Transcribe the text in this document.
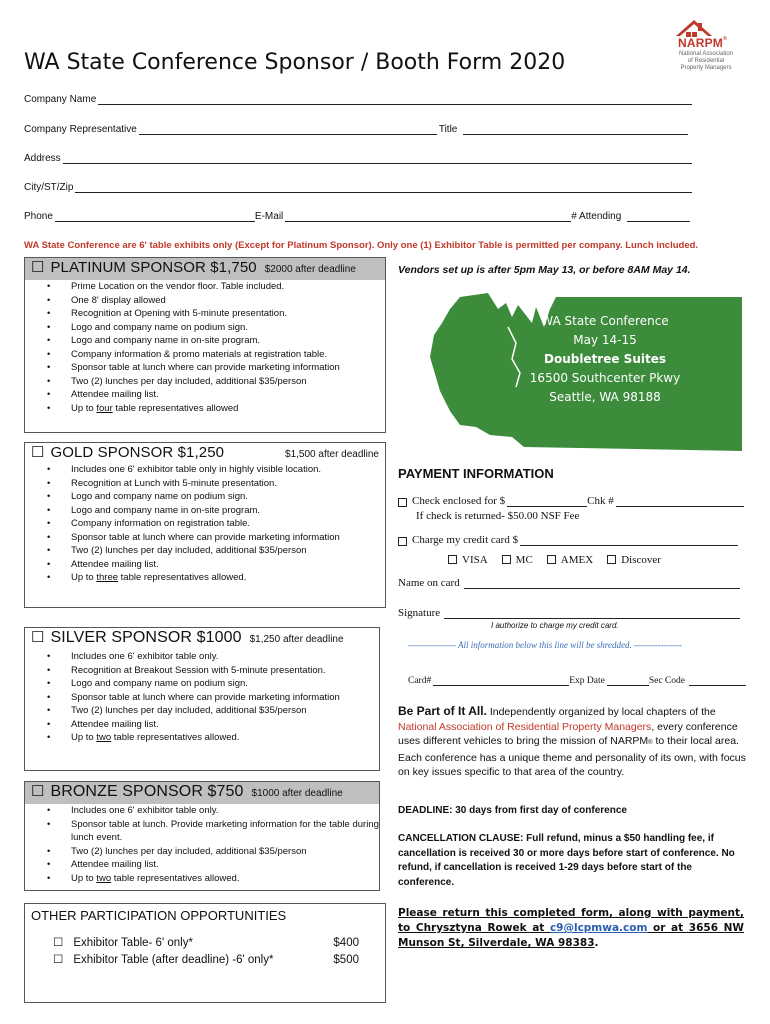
WA State Conference Sponsor / Booth Form 2020
NARPM®
National Association
of Residential
Property Managers
Company Name
Company Representative	Title
Address
City/ST/Zip
Phone	E-Mail	# Attending
WA State Conference are 6' table exhibits only (Except for Platinum Sponsor). Only one (1) Exhibitor Table is permitted per company. Lunch included.
☐ PLATINUM SPONSOR $1,750 $2000 after deadline
• Prime Location on the vendor floor. Table included.
• One 8' display allowed
• Recognition at Opening with 5-minute presentation.
• Logo and company name on podium sign.
• Logo and company name in on-site program.
• Company information & promo materials at registration table.
• Sponsor table at lunch where can provide marketing information
• Two (2) lunches per day included, additional $35/person
• Attendee mailing list.
• Up to four table representatives allowed
☐ GOLD SPONSOR $1,250	$1,500 after deadline
• Includes one 6' exhibitor table only in highly visible location.
• Recognition at Lunch with 5-minute presentation.
• Logo and company name on podium sign.
• Logo and company name in on-site program.
• Company information on registration table.
• Sponsor table at lunch where can provide marketing information
• Two (2) lunches per day included, additional $35/person
• Attendee mailing list.
• Up to three table representatives allowed.
☐ SILVER SPONSOR $1000 $1,250 after deadline
• Includes one 6' exhibitor table only.
• Recognition at Breakout Session with 5-minute presentation.
• Logo and company name on podium sign.
• Sponsor table at lunch where can provide marketing information
• Two (2) lunches per day included, additional $35/person
• Attendee mailing list.
• Up to two table representatives allowed.
☐ BRONZE SPONSOR $750 $1000 after deadline
• Includes one 6' exhibitor table only.
• Sponsor table at lunch. Provide marketing information for the table during lunch event.
• Two (2) lunches per day included, additional $35/person
• Attendee mailing list.
• Up to two table representatives allowed.
OTHER PARTICIPATION OPPORTUNITIES
☐ Exhibitor Table- 6' only*	$400
☐ Exhibitor Table (after deadline) -6' only*	$500
Vendors set up is after 5pm May 13, or before 8AM May 14.
WA State Conference
May 14-15
Doubletree Suites
16500 Southcenter Pkwy
Seattle, WA 98188
PAYMENT INFORMATION
Check enclosed for $	Chk #
If check is returned- $50.00 NSF Fee
Charge my credit card $
VISA	MC	AMEX	Discover
Name on card
Signature
I authorize to charge my credit card.
---------------- All information below this line will be shredded. ----------------
Card#	Exp Date	Sec Code
Be Part of It All. Independently organized by local chapters of the National Association of Residential Property Managers, every conference uses different vehicles to bring the mission of NARPM® to their local area. Each conference has a unique theme and personality of its own, with focus on key issues specific to that area of the country.
DEADLINE: 30 days from first day of conference
CANCELLATION CLAUSE: Full refund, minus a $50 handling fee, if cancellation is received 30 or more days before start of conference. No refund, if cancellation is received 1-29 days before start of the conference.
Please return this completed form, along with payment, to Chrysztyna Rowek at c9@lcpmwa.com or at 3656 NW Munson St, Silverdale, WA 98383.
